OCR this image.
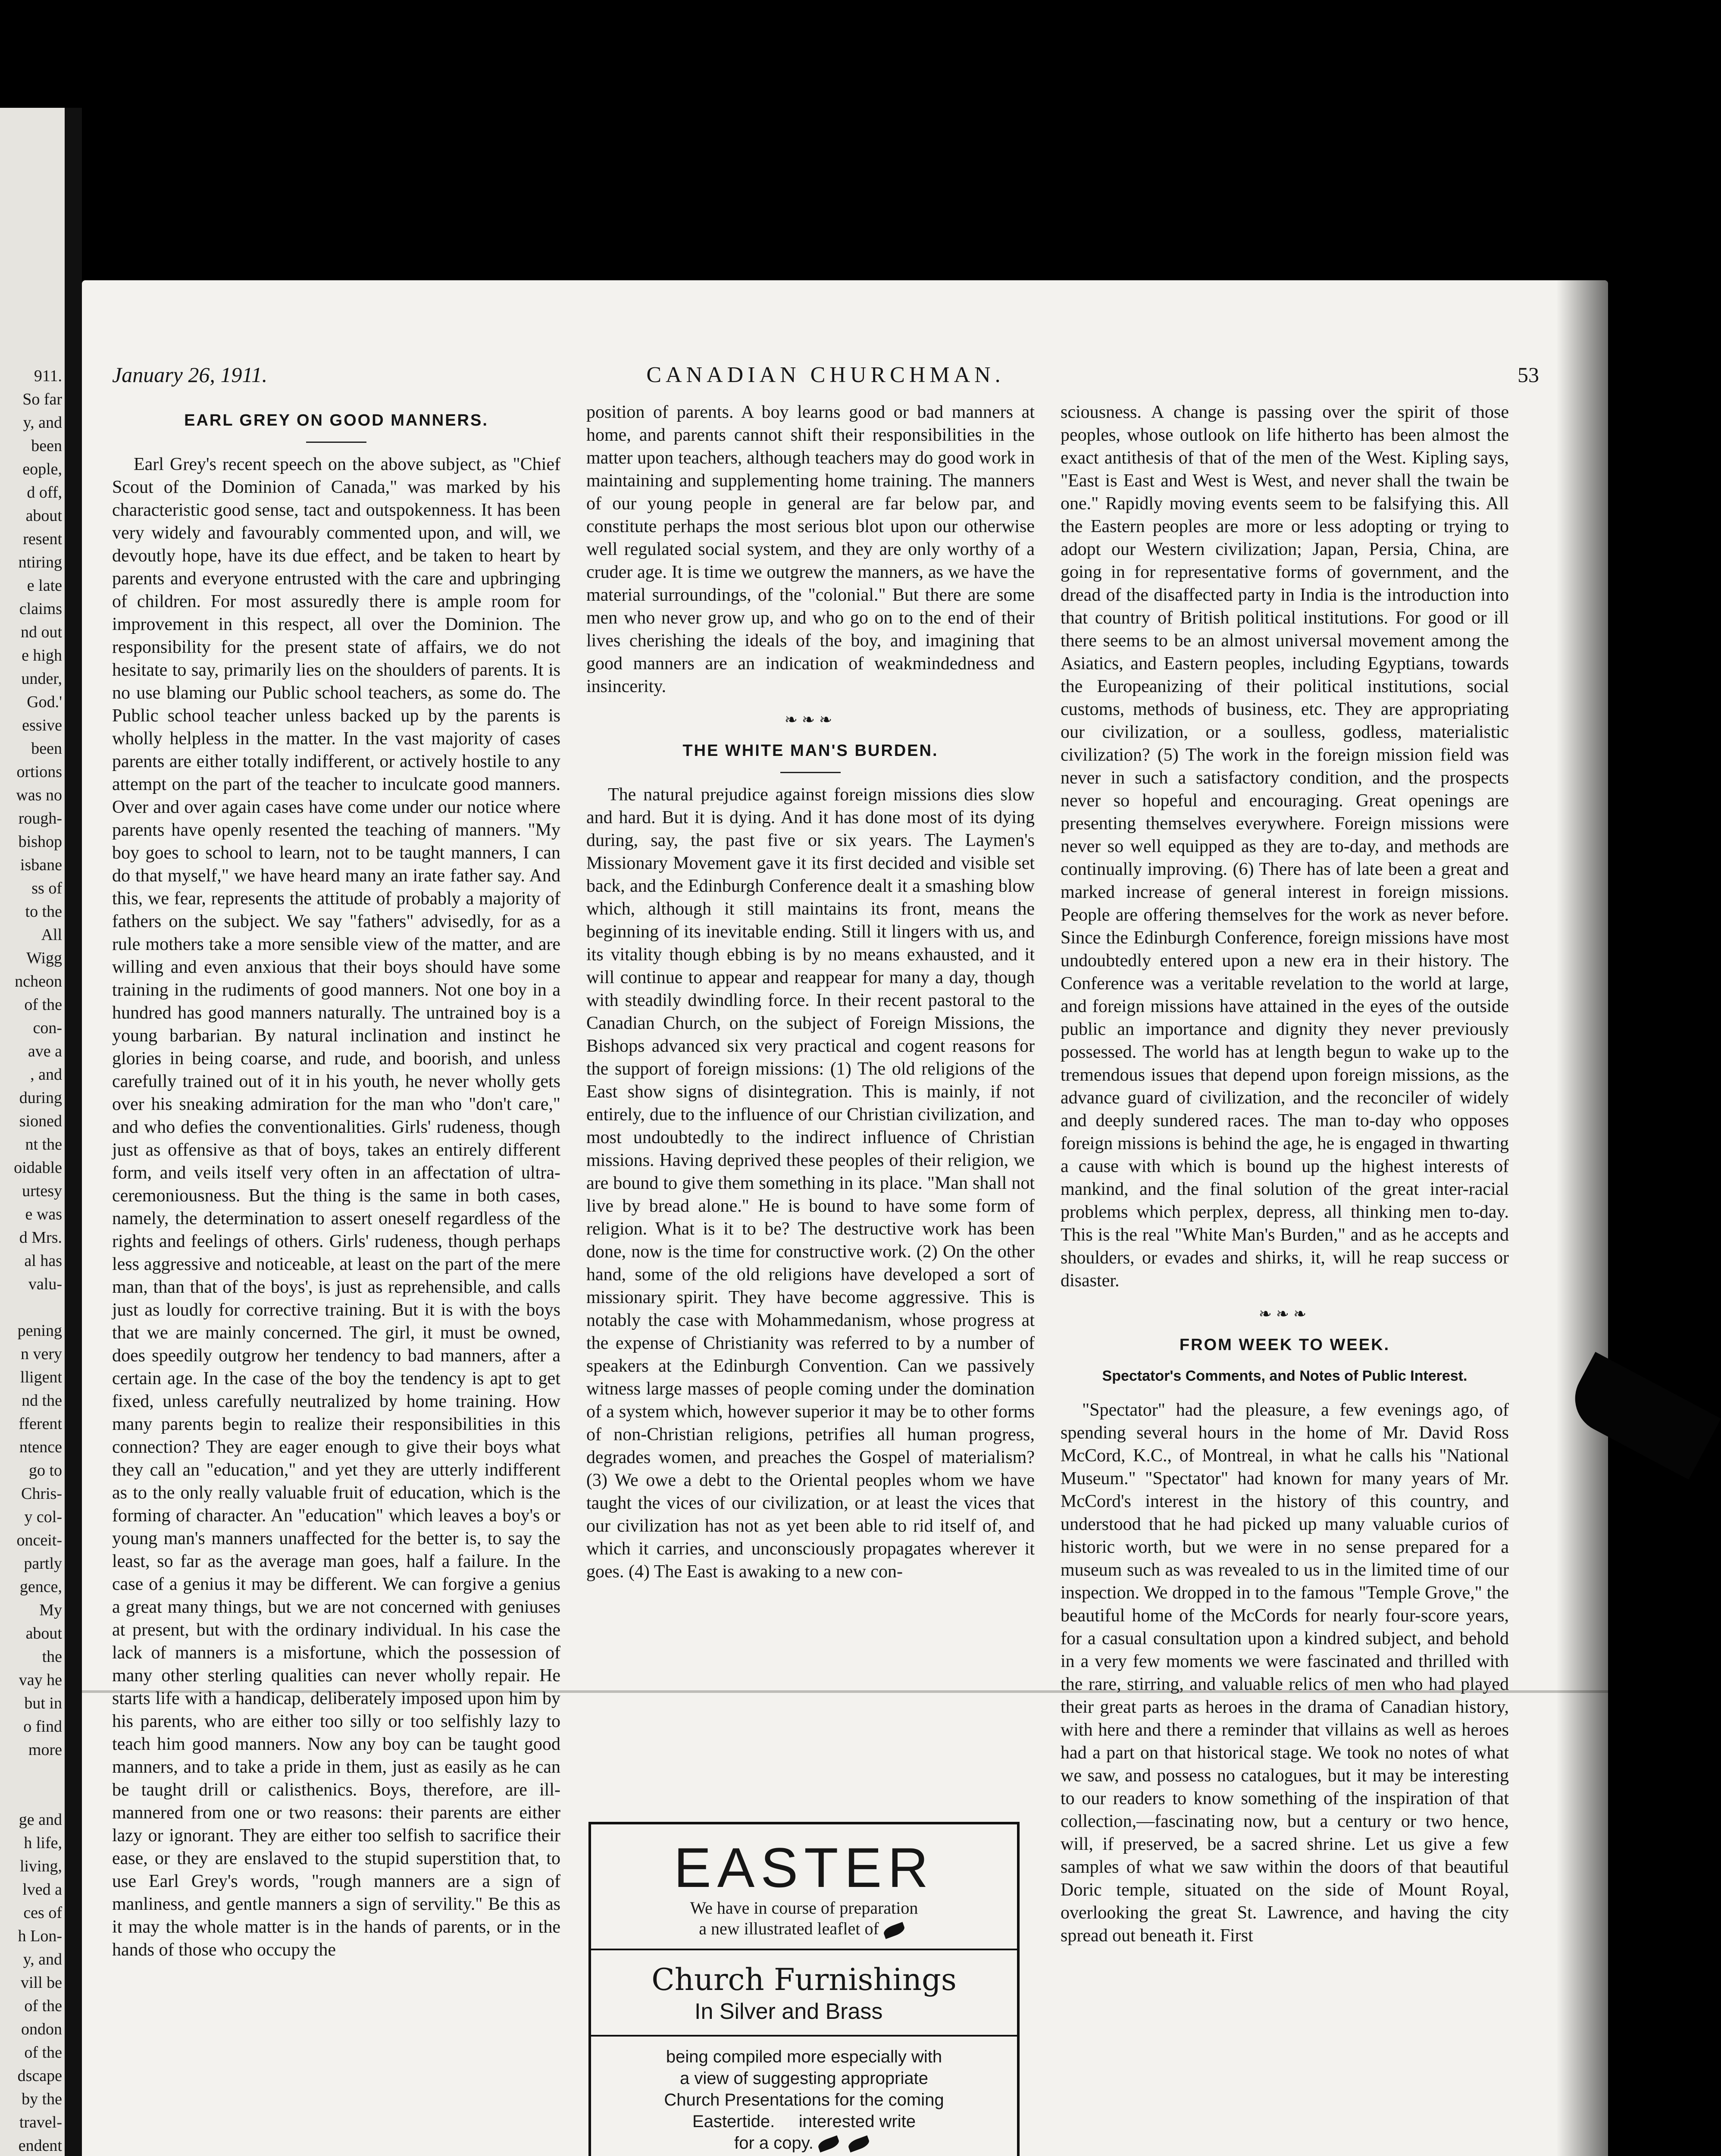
911.
So far
y, and
been
eople,
d off,
about
resent
ntiring
e late
claims
nd out
e high
under,
God.'
essive
been
ortions
was no
rough-
bishop
isbane
ss of
to the
All
Wigg
ncheon
of the
con-
ave a
, and
during
sioned
nt the
oidable
urtesy
e was
d Mrs.
al has
valu-
pening
n very
lligent
nd the
fferent
ntence
go to
Chris-
y col-
onceit-
partly
gence,
My
about
the
vay he
but in
o find
more
ge and
h life,
living,
lved a
ces of
h Lon-
y, and
vill be
of the
ondon
of the
dscape
by the
travel-
endent
January 26, 1911.	CANADIAN CHURCHMAN.	53
EARL GREY ON GOOD MANNERS.

Earl Grey's recent speech on the above subject, as "Chief Scout of the Dominion of Canada," was marked by his characteristic good sense, tact and outspokenness. It has been very widely and favourably commented upon, and will, we devoutly hope, have its due effect, and be taken to heart by parents and everyone entrusted with the care and upbringing of children. For most assuredly there is ample room for improvement in this respect, all over the Dominion. The responsibility for the present state of affairs, we do not hesitate to say, primarily lies on the shoulders of parents. It is no use blaming our Public school teachers, as some do. The Public school teacher unless backed up by the parents is wholly helpless in the matter. In the vast majority of cases parents are either totally indifferent, or actively hostile to any attempt on the part of the teacher to inculcate good manners. Over and over again cases have come under our notice where parents have openly resented the teaching of manners. "My boy goes to school to learn, not to be taught manners, I can do that myself," we have heard many an irate father say. And this, we fear, represents the attitude of probably a majority of fathers on the subject. We say "fathers" advisedly, for as a rule mothers take a more sensible view of the matter, and are willing and even anxious that their boys should have some training in the rudiments of good manners. Not one boy in a hundred has good manners naturally. The untrained boy is a young barbarian. By natural inclination and instinct he glories in being coarse, and rude, and boorish, and unless carefully trained out of it in his youth, he never wholly gets over his sneaking admiration for the man who "don't care," and who defies the conventionalities. Girls' rudeness, though just as offensive as that of boys, takes an entirely different form, and veils itself very often in an affectation of ultra-ceremoniousness. But the thing is the same in both cases, namely, the determination to assert oneself regardless of the rights and feelings of others. Girls' rudeness, though perhaps less aggressive and noticeable, at least on the part of the mere man, than that of the boys', is just as reprehensible, and calls just as loudly for corrective training. But it is with the boys that we are mainly concerned. The girl, it must be owned, does speedily outgrow her tendency to bad manners, after a certain age. In the case of the boy the tendency is apt to get fixed, unless carefully neutralized by home training. How many parents begin to realize their responsibilities in this connection? They are eager enough to give their boys what they call an "education," and yet they are utterly indifferent as to the only really valuable fruit of education, which is the forming of character. An "education" which leaves a boy's or young man's manners unaffected for the better is, to say the least, so far as the average man goes, half a failure. In the case of a genius it may be different. We can forgive a genius a great many things, but we are not concerned with geniuses at present, but with the ordinary individual. In his case the lack of manners is a misfortune, which the possession of many other sterling qualities can never wholly repair. He starts life with a handicap, deliberately imposed upon him by his parents, who are either too silly or too selfishly lazy to teach him good manners. Now any boy can be taught good manners, and to take a pride in them, just as easily as he can be taught drill or calisthenics. Boys, therefore, are ill-mannered from one or two reasons: their parents are either lazy or ignorant. They are either too selfish to sacrifice their ease, or they are enslaved to the stupid superstition that, to use Earl Grey's words, "rough manners are a sign of manliness, and gentle manners a sign of servility." Be this as it may the whole matter is in the hands of parents, or in the hands of those who occupy the

position of parents. A boy learns good or bad manners at home, and parents cannot shift their responsibilities in the matter upon teachers, although teachers may do good work in maintaining and supplementing home training. The manners of our young people in general are far below par, and constitute perhaps the most serious blot upon our otherwise well regulated social system, and they are only worthy of a cruder age. It is time we outgrew the manners, as we have the material surroundings, of the "colonial." But there are some men who never grow up, and who go on to the end of their lives cherishing the ideals of the boy, and imagining that good manners are an indication of weakmindedness and insincerity.

❧❧❧
THE WHITE MAN'S BURDEN.

The natural prejudice against foreign missions dies slow and hard. But it is dying. And it has done most of its dying during, say, the past five or six years. The Laymen's Missionary Movement gave it its first decided and visible set back, and the Edinburgh Conference dealt it a smashing blow which, although it still maintains its front, means the beginning of its inevitable ending. Still it lingers with us, and its vitality though ebbing is by no means exhausted, and it will continue to appear and reappear for many a day, though with steadily dwindling force. In their recent pastoral to the Canadian Church, on the subject of Foreign Missions, the Bishops advanced six very practical and cogent reasons for the support of foreign missions: (1) The old religions of the East show signs of disintegration. This is mainly, if not entirely, due to the influence of our Christian civilization, and most undoubtedly to the indirect influence of Christian missions. Having deprived these peoples of their religion, we are bound to give them something in its place. "Man shall not live by bread alone." He is bound to have some form of religion. What is it to be? The destructive work has been done, now is the time for constructive work. (2) On the other hand, some of the old religions have developed a sort of missionary spirit. They have become aggressive. This is notably the case with Mohammedanism, whose progress at the expense of Christianity was referred to by a number of speakers at the Edinburgh Convention. Can we passively witness large masses of people coming under the domination of a system which, however superior it may be to other forms of non-Christian religions, petrifies all human progress, degrades women, and preaches the Gospel of materialism? (3) We owe a debt to the Oriental peoples whom we have taught the vices of our civilization, or at least the vices that our civilization has not as yet been able to rid itself of, and which it carries, and unconsciously propagates wherever it goes. (4) The East is awaking to a new con-

sciousness. A change is passing over the spirit of those peoples, whose outlook on life hitherto has been almost the exact antithesis of that of the men of the West. Kipling says, "East is East and West is West, and never shall the twain be one." Rapidly moving events seem to be falsifying this. All the Eastern peoples are more or less adopting or trying to adopt our Western civilization; Japan, Persia, China, are going in for representative forms of government, and the dread of the disaffected party in India is the introduction into that country of British political institutions. For good or ill there seems to be an almost universal movement among the Asiatics, and Eastern peoples, including Egyptians, towards the Europeanizing of their political institutions, social customs, methods of business, etc. They are appropriating our civilization, or a soulless, godless, materialistic civilization? (5) The work in the foreign mission field was never in such a satisfactory condition, and the prospects never so hopeful and encouraging. Great openings are presenting themselves everywhere. Foreign missions were never so well equipped as they are to-day, and methods are continually improving. (6) There has of late been a great and marked increase of general interest in foreign missions. People are offering themselves for the work as never before. Since the Edinburgh Conference, foreign missions have most undoubtedly entered upon a new era in their history. The Conference was a veritable revelation to the world at large, and foreign missions have attained in the eyes of the outside public an importance and dignity they never previously possessed. The world has at length begun to wake up to the tremendous issues that depend upon foreign missions, as the advance guard of civilization, and the reconciler of widely and deeply sundered races. The man to-day who opposes foreign missions is behind the age, he is engaged in thwarting a cause with which is bound up the highest interests of mankind, and the final solution of the great inter-racial problems which perplex, depress, all thinking men to-day. This is the real "White Man's Burden," and as he accepts and shoulders, or evades and shirks, it, will he reap success or disaster.

❧❧❧
FROM WEEK TO WEEK.
Spectator's Comments, and Notes of Public Interest.

"Spectator" had the pleasure, a few evenings ago, of spending several hours in the home of Mr. David Ross McCord, K.C., of Montreal, in what he calls his "National Museum." "Spectator" had known for many years of Mr. McCord's interest in the history of this country, and understood that he had picked up many valuable curios of historic worth, but we were in no sense prepared for a museum such as was revealed to us in the limited time of our inspection. We dropped in to the famous "Temple Grove," the beautiful home of the McCords for nearly four-score years, for a casual consultation upon a kindred subject, and behold in a very few moments we were fascinated and thrilled with the rare, stirring, and valuable relics of men who had played their great parts as heroes in the drama of Canadian history, with here and there a reminder that villains as well as heroes had a part on that historical stage. We took no notes of what we saw, and possess no catalogues, but it may be interesting to our readers to know something of the inspiration of that collection,—fascinating now, but a century or two hence, will, if preserved, be a sacred shrine. Let us give a few samples of what we saw within the doors of that beautiful Doric temple, situated on the side of Mount Royal, overlooking the great St. Lawrence, and having the city spread out beneath it. First

EASTER
We have in course of preparation
a new illustrated leaflet of
Church Furnishings
In Silver and Brass
being compiled more especially with
a view of suggesting appropriate
Church Presentations for the coming
Eastertide. interested write
for a copy.
